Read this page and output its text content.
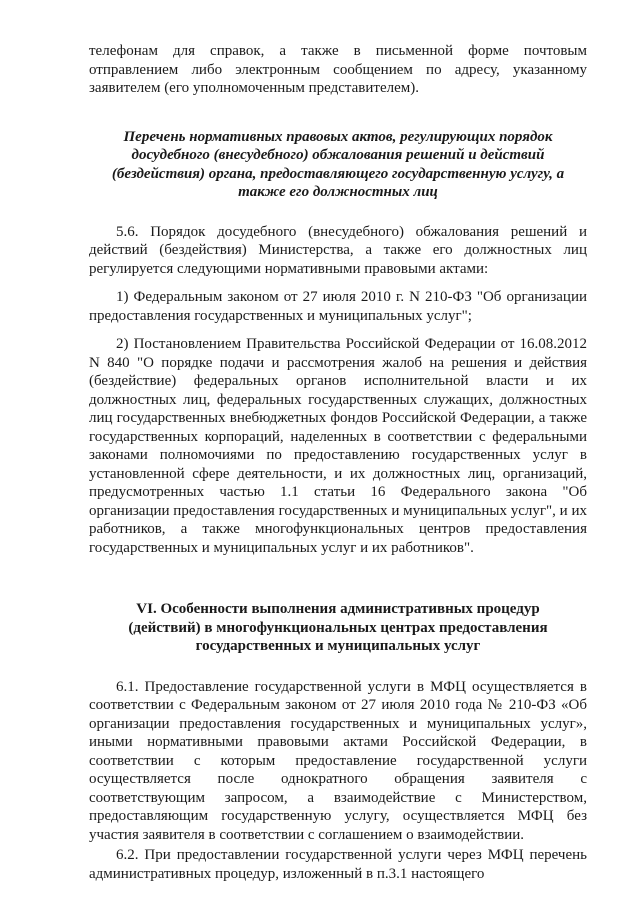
телефонам для справок, а также в письменной форме почтовым отправлением либо электронным сообщением по адресу, указанному заявителем (его уполномоченным представителем).

Перечень нормативных правовых актов, регулирующих порядок
досудебного (внесудебного) обжалования решений и действий
(бездействия) органа, предоставляющего государственную услугу, а
также его должностных лиц

5.6. Порядок досудебного (внесудебного) обжалования решений и действий (бездействия) Министерства, а также его должностных лиц регулируется следующими нормативными правовыми актами:

1) Федеральным законом от 27 июля 2010 г. N 210-ФЗ "Об организации предоставления государственных и муниципальных услуг";

2) Постановлением Правительства Российской Федерации от 16.08.2012 N 840 "О порядке подачи и рассмотрения жалоб на решения и действия (бездействие) федеральных органов исполнительной власти и их должностных лиц, федеральных государственных служащих, должностных лиц государственных внебюджетных фондов Российской Федерации, а также государственных корпораций, наделенных в соответствии с федеральными законами полномочиями по предоставлению государственных услуг в установленной сфере деятельности, и их должностных лиц, организаций, предусмотренных частью 1.1 статьи 16 Федерального закона "Об организации предоставления государственных и муниципальных услуг", и их работников, а также многофункциональных центров предоставления государственных и муниципальных услуг и их работников".

VI. Особенности выполнения административных процедур
(действий) в многофункциональных центрах предоставления
государственных и муниципальных услуг

6.1. Предоставление государственной услуги в МФЦ осуществляется в соответствии с Федеральным законом от 27 июля 2010 года № 210-ФЗ «Об организации предоставления государственных и муниципальных услуг», иными нормативными правовыми актами Российской Федерации, в соответствии с которым предоставление государственной услуги осуществляется после однократного обращения заявителя с соответствующим запросом, а взаимодействие с Министерством, предоставляющим государственную услугу, осуществляется МФЦ без участия заявителя в соответствии с соглашением о взаимодействии.

6.2. При предоставлении государственной услуги через МФЦ перечень административных процедур, изложенный в п.3.1 настоящего
